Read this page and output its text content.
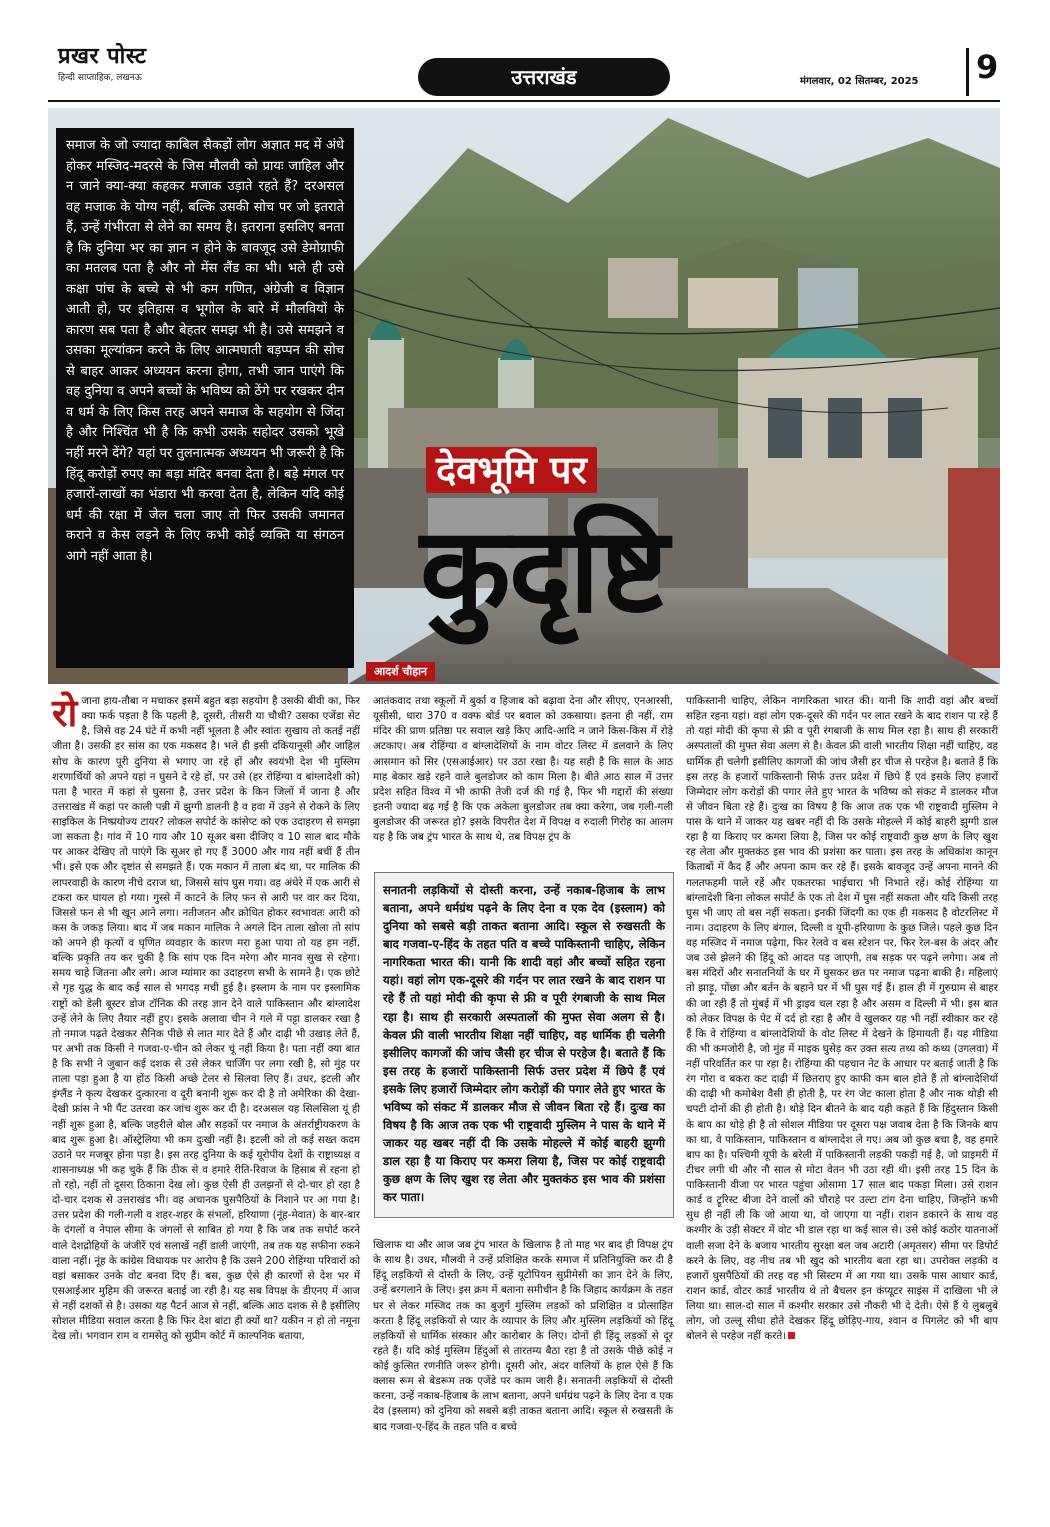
प्रखर पोस्ट
हिन्दी साप्ताहिक, लखनऊ	उत्तराखंड	मंगलवार, 02 सितम्बर, 2025 9
समाज के जो ज्यादा काबिल सैकड़ों लोग अज्ञात मद में अंधे होकर मस्जिद-मदरसे के जिस मौलवी को प्रायः जाहिल और न जाने क्या-क्या कहकर मजाक उड़ाते रहते हैं? दरअसल वह मजाक के योग्य नहीं, बल्कि उसकी सोच पर जो इतराते हैं, उन्हें गंभीरता से लेने का समय है। इतराना इसलिए बनता है कि दुनिया भर का ज्ञान न होने के बावजूद उसे डेमोग्राफी का मतलब पता है और नो मेंस लैंड का भी। भले ही उसे कक्षा पांच के बच्चे से भी कम गणित, अंग्रेजी व विज्ञान आती हो, पर इतिहास व भूगोल के बारे में मौलवियों के कारण सब पता है और बेहतर समझ भी है। उसे समझने व उसका मूल्यांकन करने के लिए आत्मघाती बड़प्पन की सोच से बाहर आकर अध्ययन करना होगा, तभी जान पाएंगे कि वह दुनिया व अपने बच्चों के भविष्य को ठेंगे पर रखकर दीन व धर्म के लिए किस तरह अपने समाज के सहयोग से जिंदा है और निश्चिंत भी है कि कभी उसके सहोदर उसको भूखे नहीं मरने देंगे? यहां पर तुलनात्मक अध्ययन भी जरूरी है कि हिंदू करोड़ों रुपए का बड़ा मंदिर बनवा देता है। बड़े मंगल पर हजारों-लाखों का भंडारा भी करवा देता है, लेकिन यदि कोई धर्म की रक्षा में जेल चला जाए तो फिर उसकी जमानत कराने व केस लड़ने के लिए कभी कोई व्यक्ति या संगठन आगे नहीं आता है।
देवभूमि पर
कुदृष्टि
आदर्श चौहान
रोजाना हाय-तौबा न मचाकर इसमें बहुत बड़ा सहयोग है उसकी बीवी का, फिर क्या फर्क पड़ता है कि पहली है, दूसरी, तीसरी या चौथी? उसका एजेंडा सेट है, जिसे वह 24 घंटे में कभी नहीं भूलता है और स्वांतः सुखाय तो कतई नहीं जीता है। उसकी हर सांस का एक मकसद है। भले ही इसी दकियानूसी और जाहिल सोच के कारण पूरी दुनिया से भगाए जा रहे हों और स्वयंभी देश भी मुस्लिम शरणार्थियों को अपने यहां न घुसने दे रहे हों, पर उसे (हर रोहिंग्या व बांग्लादेशी को) पता है भारत में कहां से घुसना है, उत्तर प्रदेश के किन जिलों में जाना है और उत्तराखंड में कहां पर काली पन्नी में झुग्गी डालनी है व हवा में उड़ने से रोकने के लिए साइकिल के निष्प्रयोज्य टायर? लोकल सपोर्ट के कांसेप्ट को एक उदाहरण से समझा जा सकता है। गांव में 10 गाय और 10 सूअर बसा दीजिए व 10 साल बाद मौके पर आकर देखिए तो पाएंगे कि सूअर हो गए हैं 3000 और गाय नहीं बचीं हैं तीन भी। इसे एक और दृष्टांत से समझते हैं। एक मकान में ताला बंद था, पर मालिक की लापरवाही के कारण नीचे दराज था, जिससे सांप घुस गया। वह अंधेरे में एक आरी से टकरा कर घायल हो गया। गुस्से में काटने के लिए फन से आरी पर वार कर दिया, जिससे फन से भी खून आने लगा। नतीजतन और क्रोधित होकर स्वभावतः आरी को कस के जकड़ लिया। बाद में जब मकान मालिक ने अगले दिन ताला खोला तो सांप को अपने ही कृत्यों व घृणित व्यवहार के कारण मरा हुआ पाया तो यह हम नहीं, बल्कि प्रकृति तय कर चुकी है कि सांप एक दिन मरेगा और मानव सुख से रहेगा। समय चाहे जितना और लगे। आज म्यांमार का उदाहरण सभी के सामने है। एक छोटे से गृह युद्ध के बाद कई साल से भगदड़ मची हुई है। इस्लाम के नाम पर इस्लामिक राष्ट्रों को डेली बूस्टर डोज टॉनिक की तरह ज्ञान देने वाले पाकिस्तान और बांग्लादेश उन्हें लेने के लिए तैयार नहीं हुए। इसके अलावा चीन ने गले में पट्टा डालकर रखा है तो नमाज पढ़ते देखकर सैनिक पीछे से लात मार देते हैं और दाढ़ी भी उखाड़ लेते हैं, पर अभी तक किसी ने गजवा-ए-चीन को लेकर चूं नहीं किया है। पता नहीं क्या बात है कि सभी ने जुबान कई दशक से उसे लेकर चार्जिंग पर लगा रखी है, सो मुंह पर ताला पड़ा हुआ है या होंठ किसी अच्छे टेलर से सिलवा लिए हैं। उधर, इटली और इंग्लैंड ने कृत्य देखकर दुत्कारना व दूरी बनानी शुरू कर दी है तो अमेरिका की देखा-देखी फ्रांस ने भी पैंट उतरवा कर जांच शुरू कर दी है। दरअसल यह सिलसिला यूं ही नहीं शुरू हुआ है, बल्कि जहरीले बोल और सड़कों पर नमाज के अंतर्राष्ट्रीयकरण के बाद शुरू हुआ है। ऑस्ट्रेलिया भी कम दुःखी नहीं है। इटली को तो कई सख्त कदम उठाने पर मजबूर होना पड़ा है। इस तरह दुनिया के कई यूरोपीय देशों के राष्ट्राध्यक्ष व शासनाध्यक्ष भी कह चुके हैं कि ठीक से व हमारे रीति-रिवाज के हिसाब से रहना हो तो रहो, नहीं तो दूसरा ठिकाना देख लो। कुछ ऐसी ही उलझनों से दो-चार हो रहा है दो-चार दशक से उत्तराखंड भी। वह अचानक घुसपैठियों के निशाने पर आ गया है। उत्तर प्रदेश की गली-गली व शहर-शहर के संभलों, हरियाणा (नूंह-मेवात) के बार-बार के दंगलों व नेपाल सीमा के जंगलों से साबित हो गया है कि जब तक सपोर्ट करने वाले देशद्रोहियों के जंजीरें एवं सलाखें नहीं डाली जाएंगी, तब तक यह सफीना रुकने वाला नहीं। नूंह के कांग्रेस विधायक पर आरोप है कि उसने 200 रोहिंग्या परिवारों को वहां बसाकर उनके वोट बनवा दिए हैं। बस, कुछ ऐसे ही कारणों से देश भर में एसआईआर मुहिम की जरूरत बताई जा रही है। यह सब विपक्ष के डीएनए में आज से नहीं दशकों से है। उसका यह पैटर्न आज से नहीं, बल्कि आठ दशक से है इसीलिए सोशल मीडिया सवाल करता है कि फिर देश बांटा ही क्यों था? यकीन न हो तो नमूना देख लो। भगवान राम व रामसेतु को सुप्रीम कोर्ट में काल्पनिक बताया,
आतंकवाद तथा स्कूलों में बुर्का व हिजाब को बढ़ावा देना और सीएए, एनआरसी, यूसीसी, धारा 370 व वक्फ बोर्ड पर बवाल को उकसाया। इतना ही नहीं, राम मंदिर की प्राण प्रतिष्ठा पर सवाल खड़े किए आदि-आदि न जाने किस-किस में रोड़े अटकाए। अब रोहिंग्या व बांग्लादेशियों के नाम वोटर लिस्ट में डलवाने के लिए आसमान को सिर (एसआईआर) पर उठा रखा है। यह सही है कि साल के आठ माह बेकार खड़े रहने वाले बुलडोजर को काम मिला है। बीते आठ साल में उत्तर प्रदेश सहित विश्व में भी काफी तेजी दर्ज की गई है, फिर भी गद्दारों की संख्या इतनी ज्यादा बढ़ गई है कि एक अकेला बुलडोजर तब क्या करेगा, जब गली-गली बुलडोजर की जरूरत हो? इसके विपरीत देश में विपक्ष व रुदाली गिरोह का आलम यह है कि जब ट्रंप भारत के साथ थे, तब विपक्ष ट्रंप के
सनातनी लड़कियों से दोस्ती करना, उन्हें नकाब-हिजाब के लाभ बताना, अपने धर्मग्रंथ पढ़ने के लिए देना व एक देव (इस्लाम) को दुनिया को सबसे बड़ी ताकत बताना आदि। स्कूल से रुखसती के बाद गजवा-ए-हिंद के तहत पति व बच्चे पाकिस्तानी चाहिए, लेकिन नागरिकता भारत की। यानी कि शादी वहां और बच्चों सहित रहना यहां। वहां लोग एक-दूसरे की गर्दन पर लात रखने के बाद राशन पा रहे हैं तो यहां मोदी की कृपा से फ्री व पूरी रंगबाजी के साथ मिल रहा है। साथ ही सरकारी अस्पतालों की मुफ्त सेवा अलग से है। केवल फ्री वाली भारतीय शिक्षा नहीं चाहिए, वह धार्मिक ही चलेगी इसीलिए कागजों की जांच जैसी हर चीज से परहेज है। बताते हैं कि इस तरह के हजारों पाकिस्तानी सिर्फ उत्तर प्रदेश में छिपे हैं एवं इसके लिए हजारों जिम्मेदार लोग करोड़ों की पगार लेते हुए भारत के भविष्य को संकट में डालकर मौज से जीवन बिता रहे हैं। दुःख का विषय है कि आज तक एक भी राष्ट्रवादी मुस्लिम ने पास के थाने में जाकर यह खबर नहीं दी कि उसके मोहल्ले में कोई बाहरी झुग्गी डाल रहा है या किराए पर कमरा लिया है, जिस पर कोई राष्ट्रवादी कुछ क्षण के लिए खुश रह लेता और मुक्तकंठ इस भाव की प्रशंसा कर पाता।
खिलाफ था और आज जब ट्रंप भारत के खिलाफ है तो माह भर बाद ही विपक्ष ट्रंप के साथ है। उधर, मौलवी ने उन्हें प्रशिक्षित करके समाज में प्रतिनियुक्ति कर दी है हिंदू लड़कियों से दोस्ती के लिए, उन्हें यूटोपियन सुप्रीमेसी का ज्ञान देने के लिए, उन्हें बरगलाने के लिए। इस क्रम में बताना समीचीन है कि जिहाद कार्यक्रम के तहत घर से लेकर मस्जिद तक का बुजुर्ग मुस्लिम लड़कों को प्रशिक्षित व प्रोत्साहित करता है हिंदू लड़कियों से प्यार के व्यापार के लिए और मुस्लिम लड़कियों को हिंदू लड़कियों से धार्मिक संस्कार और कारोबार के लिए। दोनों ही हिंदू लड़कों से दूर रहते हैं। यदि कोई मुस्लिम हिंदुओं से तारतम्य बैठा रहा है तो उसके पीछे कोई न कोई कुत्सित रणनीति जरूर होगी। दूसरी ओर, अंदर वालियों के हाल ऐसे हैं कि क्लास रूम से बेडरूम तक एजेंडे पर काम जारी है। सनातनी लड़कियों से दोस्ती करना, उन्हें नकाब-हिजाब के लाभ बताना, अपने धर्मग्रंथ पढ़ने के लिए देना व एक देव (इस्लाम) को दुनिया को सबसे बड़ी ताकत बताना आदि। स्कूल से रुखसती के बाद गजवा-ए-हिंद के तहत पति व बच्चे
पाकिस्तानी चाहिए, लेकिन नागरिकता भारत की। यानी कि शादी वहां और बच्चों सहित रहना यहां। वहां लोग एक-दूसरे की गर्दन पर लात रखने के बाद राशन पा रहे हैं तो यहां मोदी की कृपा से फ्री व पूरी रंगबाजी के साथ मिल रहा है। साथ ही सरकारी अस्पतालों की मुफ्त सेवा अलग से है। केवल फ्री वाली भारतीय शिक्षा नहीं चाहिए, वह धार्मिक ही चलेगी इसीलिए कागजों की जांच जैसी हर चीज से परहेज है। बताते हैं कि इस तरह के हजारों पाकिस्तानी सिर्फ उत्तर प्रदेश में छिपे हैं एवं इसके लिए हजारों जिम्मेदार लोग करोड़ों की पगार लेते हुए भारत के भविष्य को संकट में डालकर मौज से जीवन बिता रहे हैं। दुःख का विषय है कि आज तक एक भी राष्ट्रवादी मुस्लिम ने पास के थाने में जाकर यह खबर नहीं दी कि उसके मोहल्ले में कोई बाहरी झुग्गी डाल रहा है या किराए पर कमरा लिया है, जिस पर कोई राष्ट्रवादी कुछ क्षण के लिए खुश रह लेता और मुक्तकंठ इस भाव की प्रशंसा कर पाता। इस तरह के अधिकांश कानून किताबों में कैद हैं और अपना काम कर रहे हैं। इसके बावजूद उन्हें अपना मानने की गलतफहमी पाले रहें और एकतरफा भाईचारा भी निभाते रहें। कोई रोहिंग्या या बांग्लादेशी बिना लोकल सपोर्ट के एक तो देश में घुस नहीं सकता और यदि किसी तरह घुस भी जाए तो बस नहीं सकता। इनकी जिंदगी का एक ही मकसद है वोटरलिस्ट में नाम। उदाहरण के लिए बंगाल, दिल्ली व यूपी-हरियाणा के कुछ जिले। पहले कुछ दिन वह मस्जिद में नमाज पढ़ेगा, फिर रेलवे व बस स्टेशन पर, फिर रेल-बस के अंदर और जब उसे झेलने की हिंदू को आदत पड़ जाएगी, तब सड़क पर पढ़ने लगेगा। अब तो बस मंदिरों और सनातनियों के घर में घुसकर छत पर नमाज पढ़ना बाकी है। महिलाएं तो झाड़ू, पोंछा और बर्तन के बहाने घर में भी घुस गई हैं। हाल ही में गुरुग्राम से बाहर की जा रही हैं तो मुंबई में भी ड्राइव चल रहा है और असम व दिल्ली में भी। इस बात को लेकर विपक्ष के पेट में दर्द हो रहा है और वे खुलकर यह भी नहीं स्वीकार कर रहे हैं कि वे रोहिंग्या व बांग्लादेशियों के वोट लिस्ट में देखने के हिमायती हैं। यह मीडिया की भी कमजोरी है, जो मुंह में माइक घुसेड़ कर उक्त सत्य तथ्य को कथ्य (उगलवा) में नहीं परिवर्तित कर पा रहा है। रोहिंग्या की पहचान नेट के आधार पर बताई जाती है कि रंग गोरा व बकरा कट दाढ़ी में छितराए हुए काफी कम बाल होते हैं तो बांग्लादेशियों की दाढ़ी भी कमोबेश वैसी ही होती है, पर रंग जेट काला होता है और नाक थोड़ी सी चपटी दोनों की ही होती है। थोड़े दिन बीतने के बाद यही कहते हैं कि हिंदुस्तान किसी के बाप का थोड़े ही है तो सोशल मीडिया पर दूसरा पक्ष जवाब देता है कि जिनके बाप का था, वे पाकिस्तान, पाकिस्तान व बांग्लादेश ले गए। अब जो कुछ बचा है, वह हमारे बाप का है। पश्चिमी यूपी के बरेली में पाकिस्तानी लड़की पकड़ी गई है, जो प्राइमरी में टीचर लगी थी और नौ साल से मोटा वेतन भी उठा रही थी। इसी तरह 15 दिन के पाकिस्तानी वीजा पर भारत पहुंचा ओसामा 17 साल बाद पकड़ा मिला। उसे राशन कार्ड व ट्रूरिस्ट बीजा देने वालों को चौराहे पर उल्टा टांग देना चाहिए, जिन्होंने कभी सुध ही नहीं ली कि जो आया था, वो जाएगा या नहीं। राशन डकारने के साथ वह कश्मीर के उड़ी सेक्टर में वोट भी डाल रहा था कई साल से। उसे कोई कठोर यातनाओं वाली सजा देने के बजाय भारतीय सुरक्षा बल जब अटारी (अमृतसर) सीमा पर डिपोर्ट करने के लिए, वह नीच तब भी खुद को भारतीय बता रहा था। उपरोक्त लड़की व हजारों घुसपैठियों की तरह वह भी सिस्टम में आ गया था। उसके पास आधार कार्ड, राशन कार्ड, वोटर कार्ड भारतीय थे तो बैचलर इन कंप्यूटर साइंस में दाखिला भी ले लिया था। साल-दो साल में कश्मीर सरकार उसे नौकरी भी दे देती। ऐसे हैं ये लुबलुबे लोग, जो उल्लू सीधा होते देखकर हिंदू छोड़िए-गाय, श्वान व पिगलेट को भी बाप बोलने से परहेज नहीं करते।
